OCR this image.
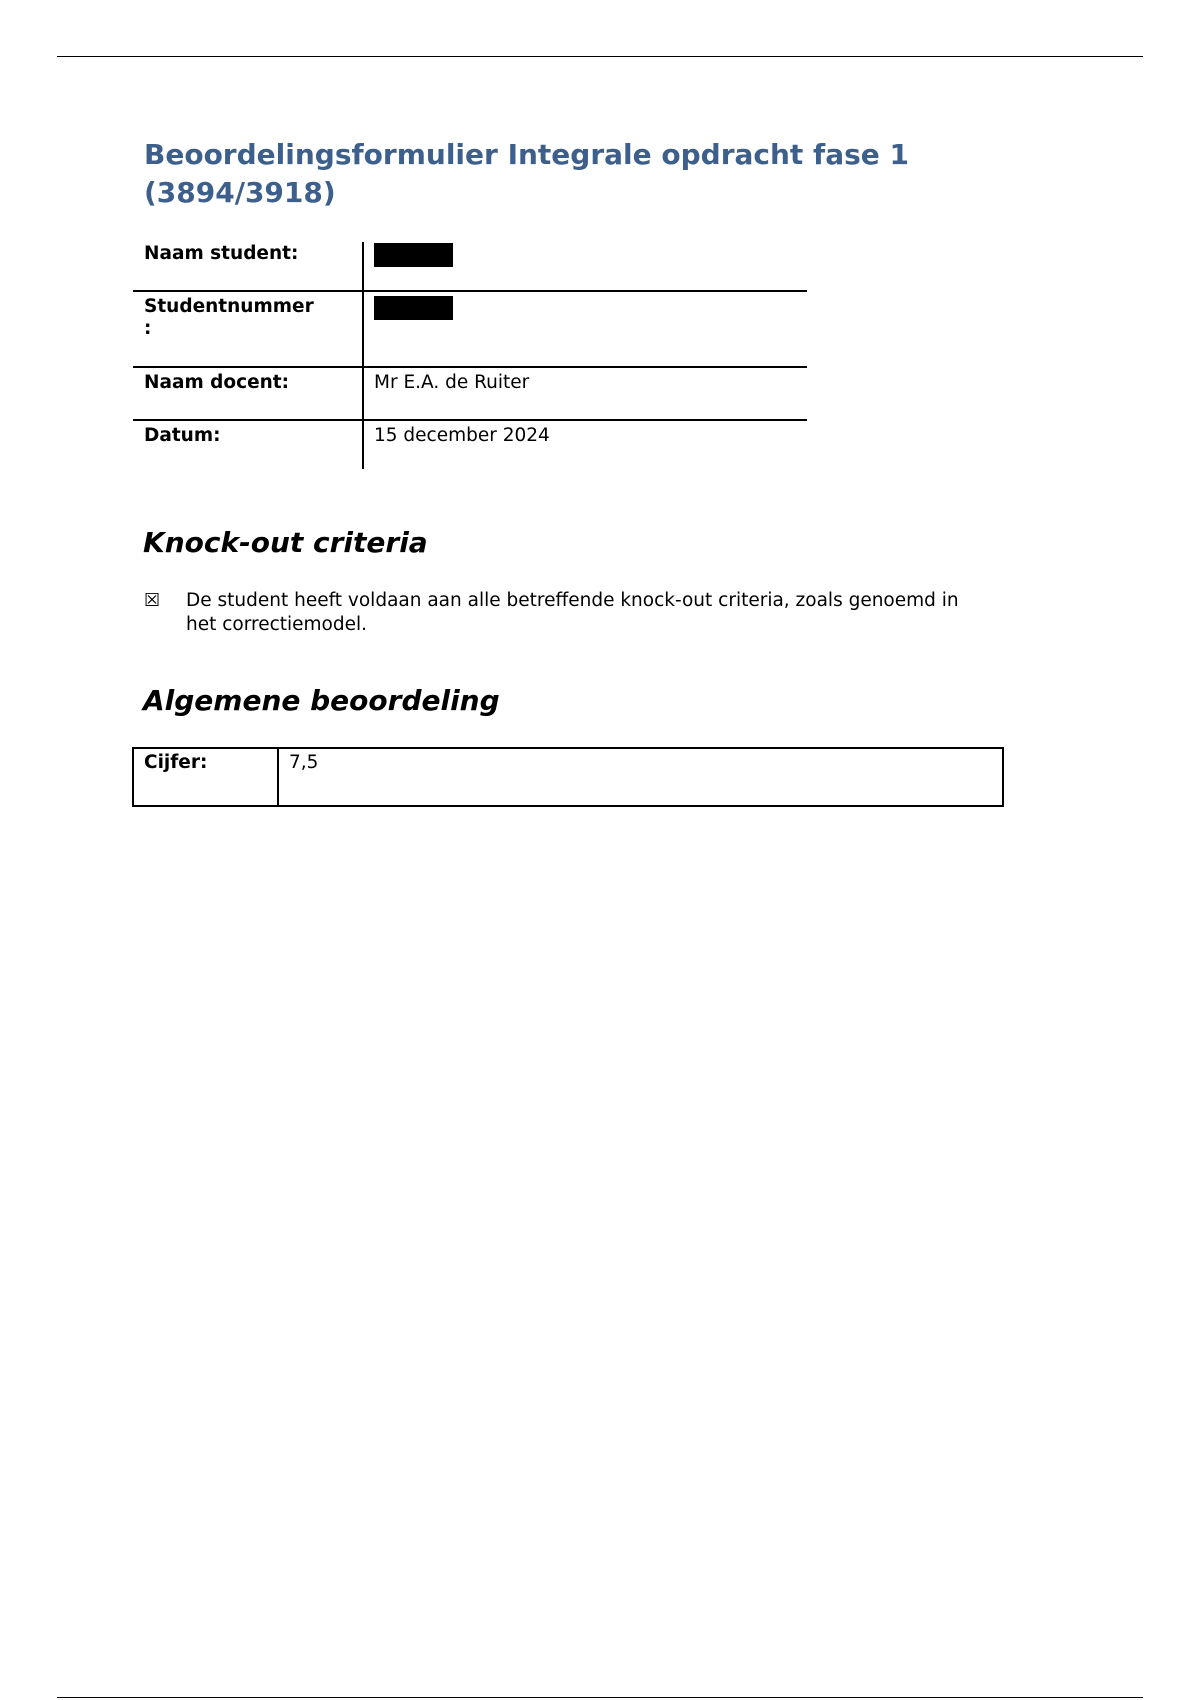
Beoordelingsformulier Integrale opdracht fase 1
(3894/3918)
Naam student:	
Studentnummer
:	
Naam docent:	Mr E.A. de Ruiter
Datum:	15 december 2024
Knock-out criteria
☒ De student heeft voldaan aan alle betreffende knock-out criteria, zoals genoemd in het correctiemodel.
Algemene beoordeling
Cijfer:	7,5
